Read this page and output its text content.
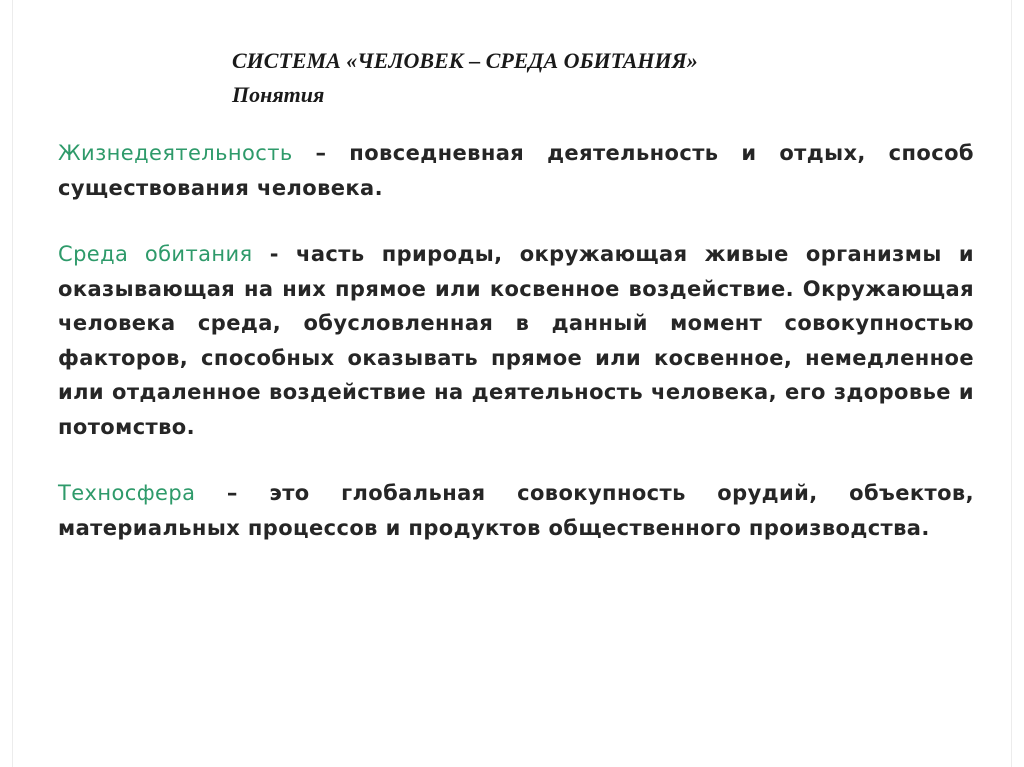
СИСТЕМА «ЧЕЛОВЕК – СРЕДА ОБИТАНИЯ»
Понятия

Жизнедеятельность – повседневная деятельность и отдых, способ существования человека.

Среда обитания - часть природы, окружающая живые организмы и оказывающая на них прямое или косвенное воздействие. Окружающая человека среда, обусловленная в данный момент совокупностью факторов, способных оказывать прямое или косвенное, немедленное или отдаленное воздействие на деятельность человека, его здоровье и потомство.

Техносфера – это глобальная совокупность орудий, объектов, материальных процессов и продуктов общественного производства.
